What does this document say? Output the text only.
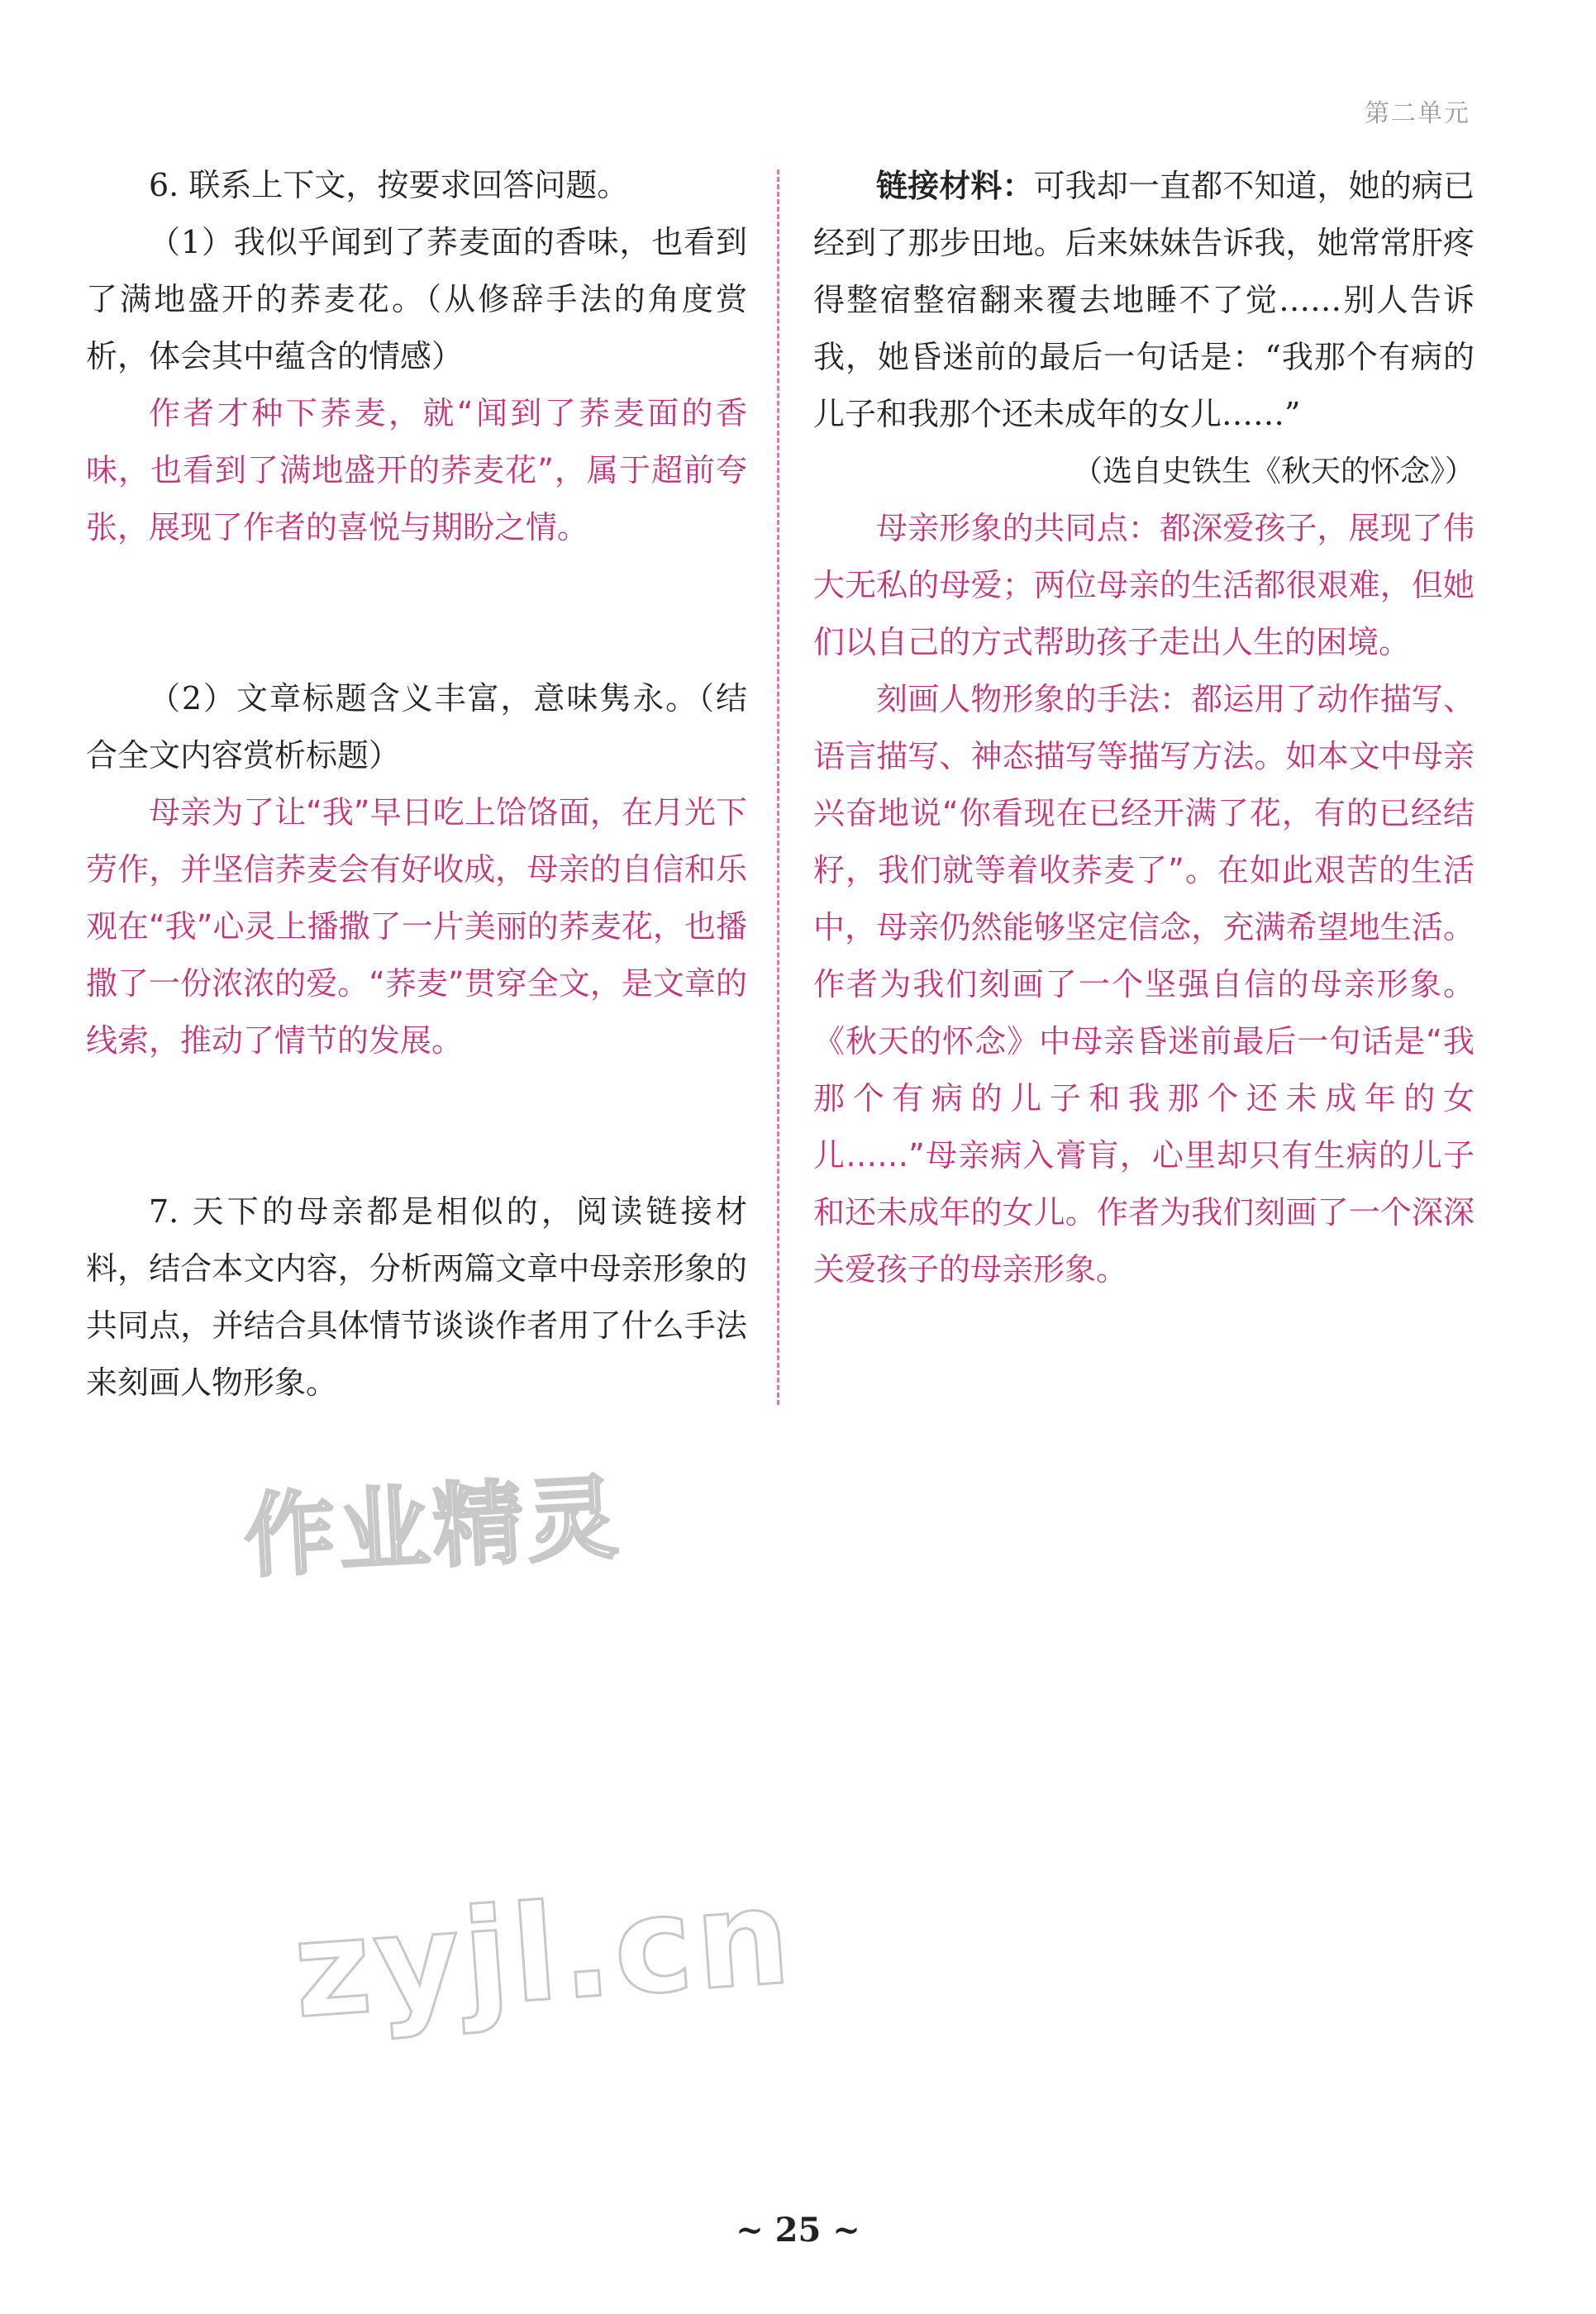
第二单元

6. 联系上下文，按要求回答问题。

（1）我似乎闻到了荞麦面的香味，也看到了满地盛开的荞麦花。（从修辞手法的角度赏析，体会其中蕴含的情感）

作者才种下荞麦，就“闻到了荞麦面的香味，也看到了满地盛开的荞麦花”，属于超前夸张，展现了作者的喜悦与期盼之情。

（2）文章标题含义丰富，意味隽永。（结合全文内容赏析标题）

母亲为了让“我”早日吃上饸饹面，在月光下劳作，并坚信荞麦会有好收成，母亲的自信和乐观在“我”心灵上播撒了一片美丽的荞麦花，也播撒了一份浓浓的爱。“荞麦”贯穿全文，是文章的线索，推动了情节的发展。

7. 天下的母亲都是相似的，阅读链接材料，结合本文内容，分析两篇文章中母亲形象的共同点，并结合具体情节谈谈作者用了什么手法来刻画人物形象。

链接材料：可我却一直都不知道，她的病已经到了那步田地。后来妹妹告诉我，她常常肝疼得整宿整宿翻来覆去地睡不了觉……别人告诉我，她昏迷前的最后一句话是：“我那个有病的儿子和我那个还未成年的女儿……”

（选自史铁生《秋天的怀念》）

母亲形象的共同点：都深爱孩子，展现了伟大无私的母爱；两位母亲的生活都很艰难，但她们以自己的方式帮助孩子走出人生的困境。

刻画人物形象的手法：都运用了动作描写、语言描写、神态描写等描写方法。如本文中母亲兴奋地说“你看现在已经开满了花，有的已经结籽，我们就等着收荞麦了”。在如此艰苦的生活中，母亲仍然能够坚定信念，充满希望地生活。作者为我们刻画了一个坚强自信的母亲形象。《秋天的怀念》中母亲昏迷前最后一句话是“我那个有病的儿子和我那个还未成年的女儿……”母亲病入膏肓，心里却只有生病的儿子和还未成年的女儿。作者为我们刻画了一个深深关爱孩子的母亲形象。

作业精灵
zyjl.cn
~ 25 ~
